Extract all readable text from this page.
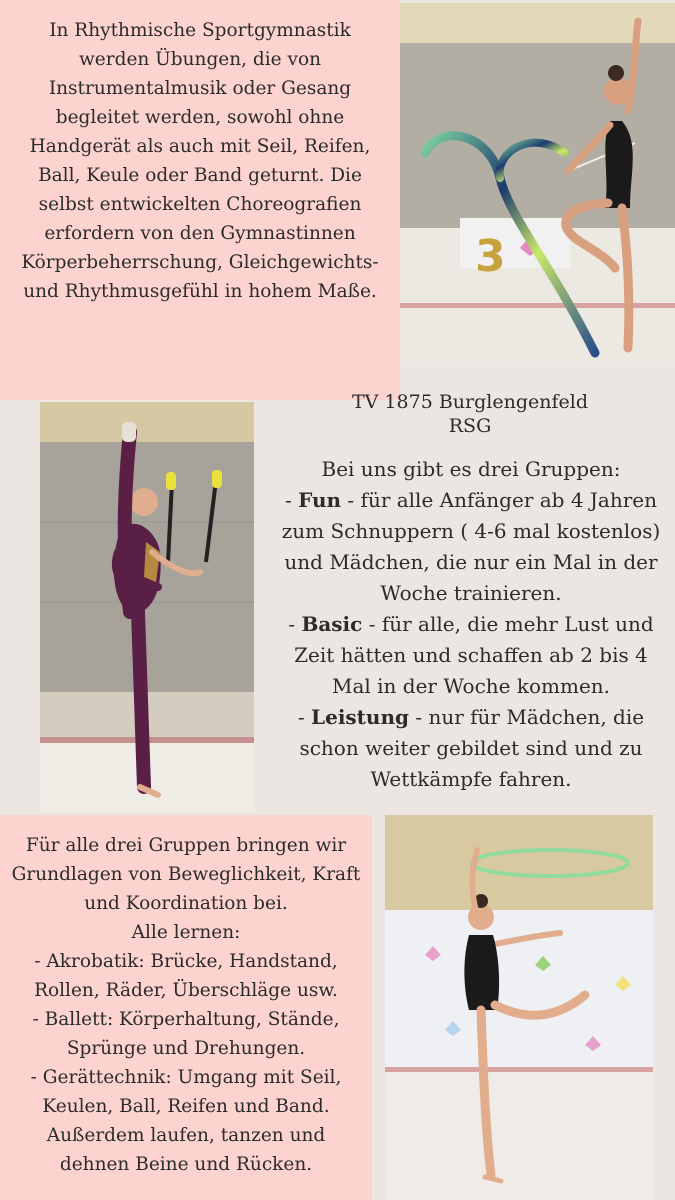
In Rhythmische Sportgymnastik werden Übungen, die von Instrumentalmusik oder Gesang begleitet werden, sowohl ohne Handgerät als auch mit Seil, Reifen, Ball, Keule oder Band geturnt. Die selbst entwickelten Choreografien erfordern von den Gymnastinnen Körperbeherrschung, Gleichgewichts- und Rhythmusgefühl in hohem Maße.
3
TV 1875 Burglengenfeld
RSG
Bei uns gibt es drei Gruppen:
- Fun - für alle Anfänger ab 4 Jahren zum Schnuppern ( 4-6 mal kostenlos) und Mädchen, die nur ein Mal in der Woche trainieren.
- Basic - für alle, die mehr Lust und Zeit hätten und schaffen ab 2 bis 4 Mal in der Woche kommen.
- Leistung - nur für Mädchen, die schon weiter gebildet sind und zu Wettkämpfe fahren.
Für alle drei Gruppen bringen wir Grundlagen von Beweglichkeit, Kraft und Koordination bei.
Alle lernen:
- Akrobatik: Brücke, Handstand, Rollen, Räder, Überschläge usw.
- Ballett: Körperhaltung, Stände, Sprünge und Drehungen.
- Gerättechnik: Umgang mit Seil, Keulen, Ball, Reifen und Band.
Außerdem laufen, tanzen und dehnen Beine und Rücken.
